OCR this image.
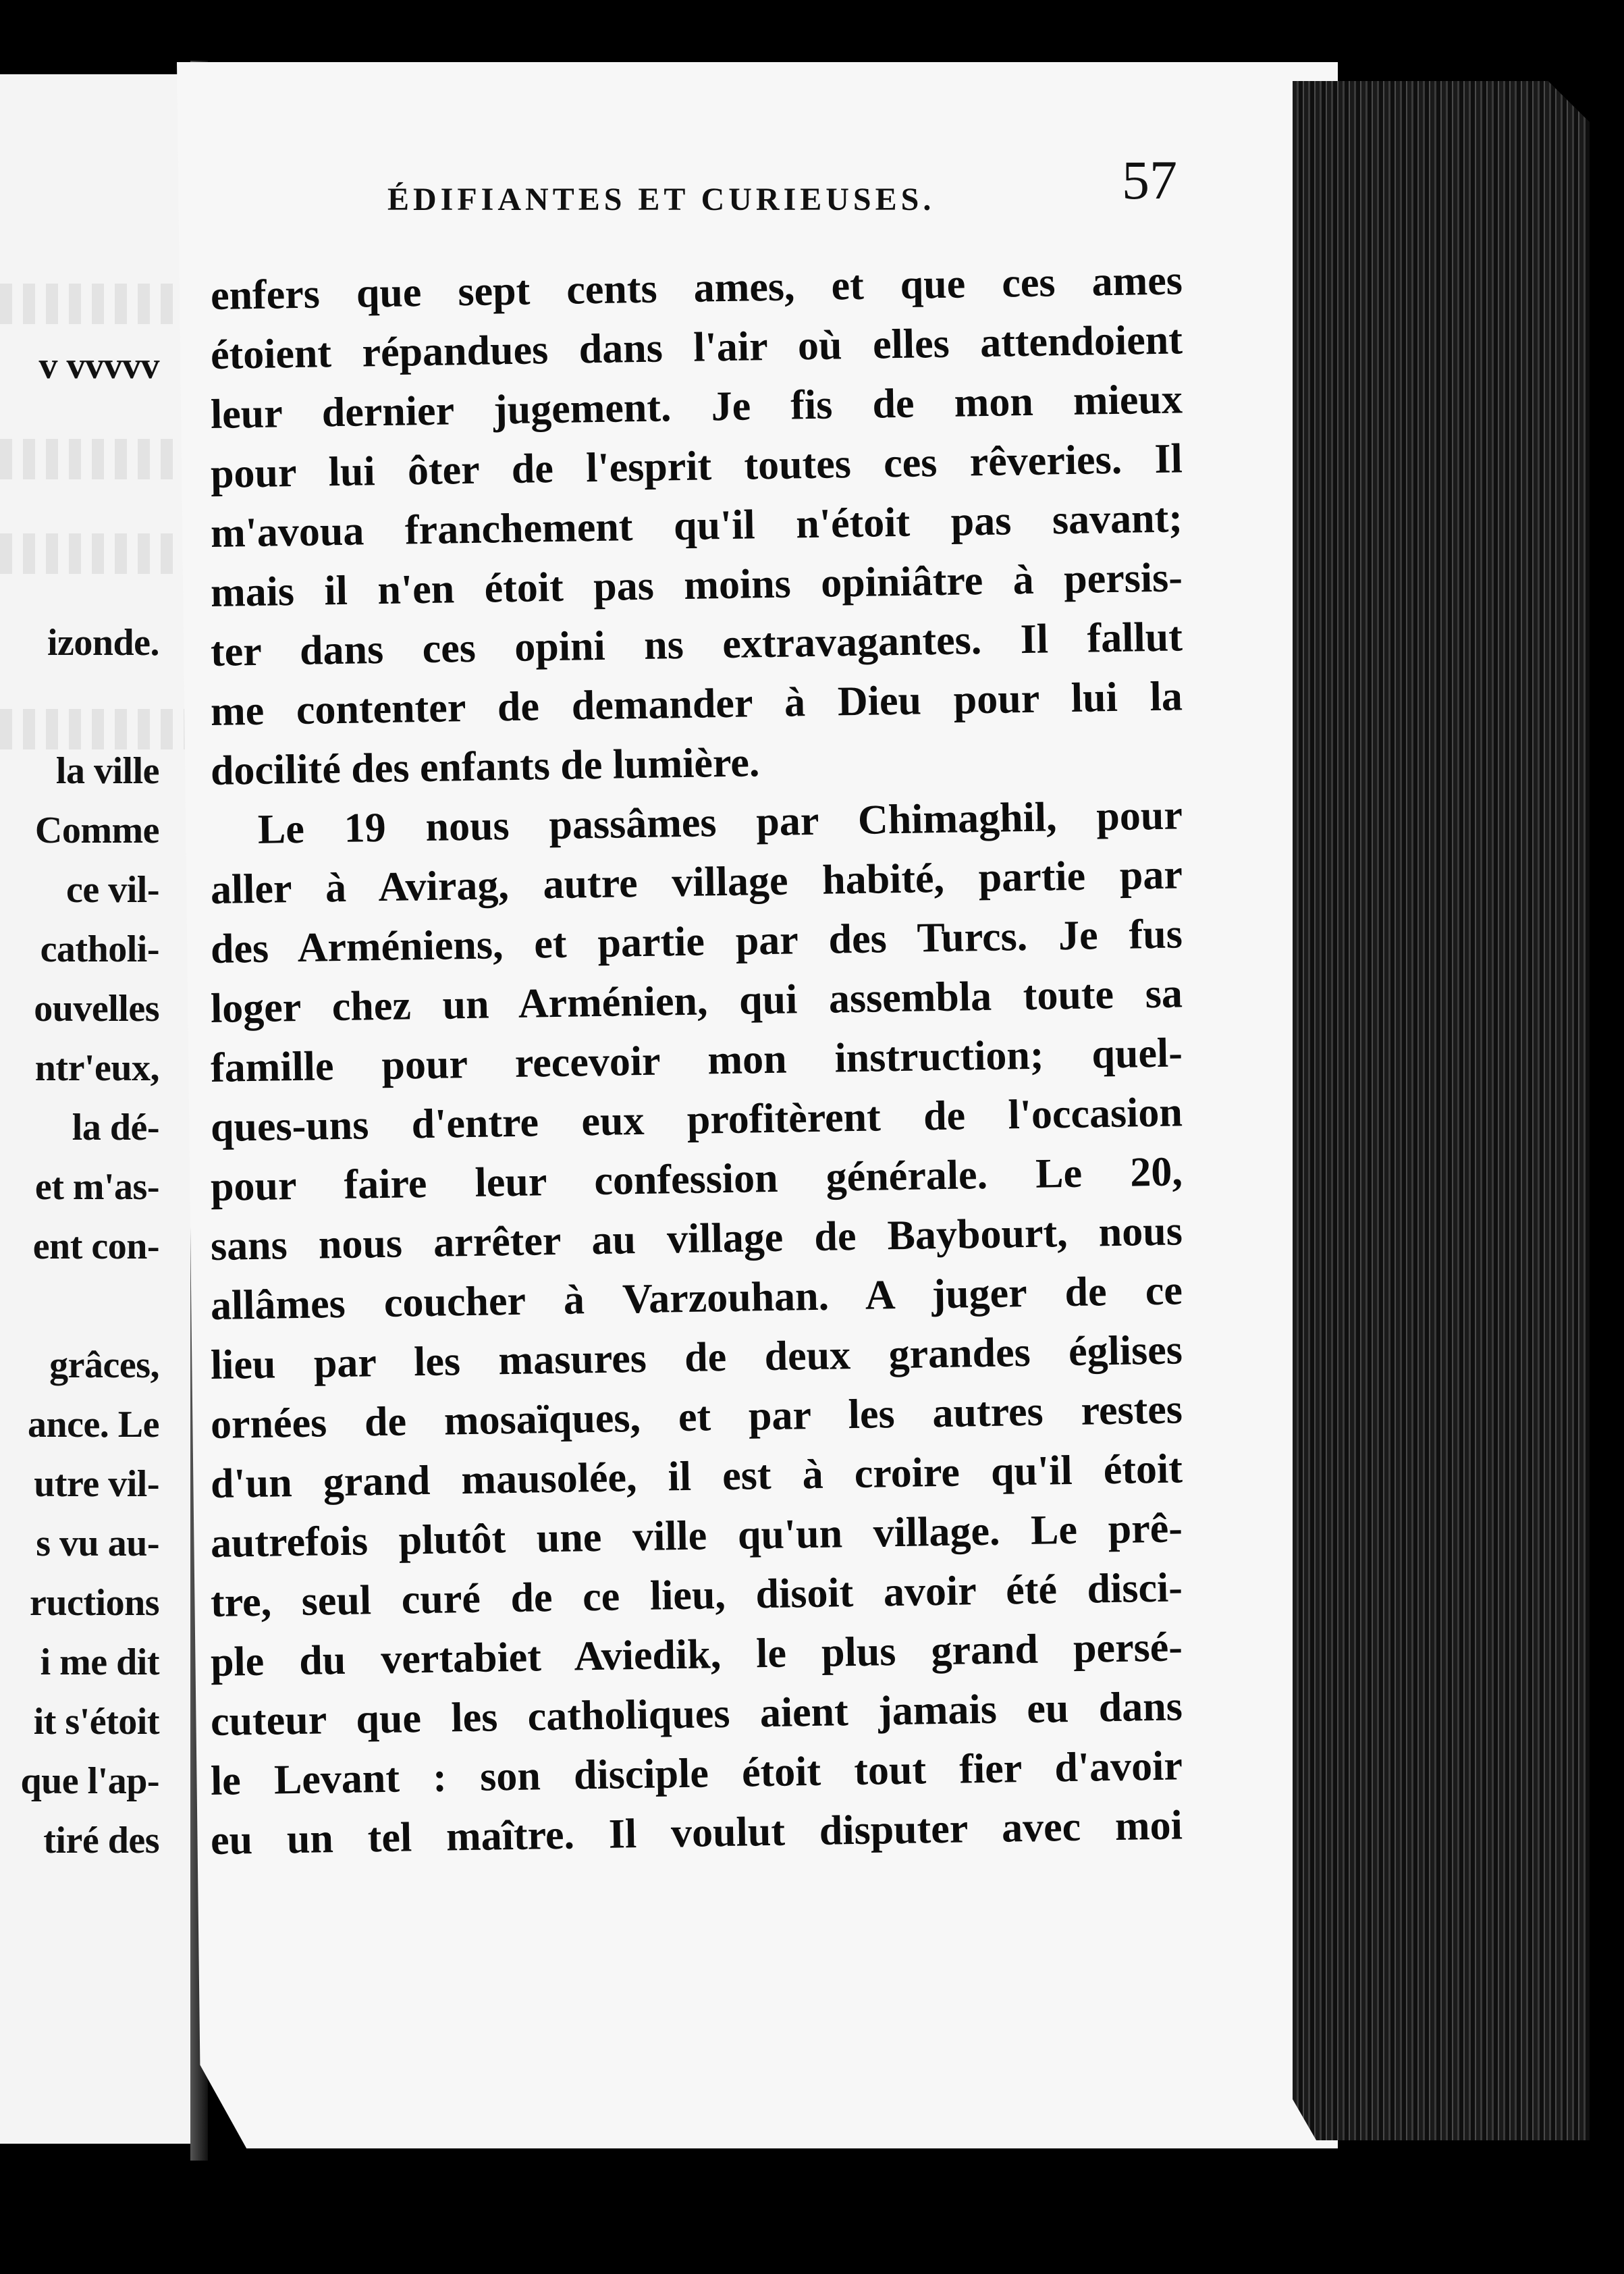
v vvvvv
izonde.
la ville
Comme
ce vil-
catholi-
ouvelles
ntr'eux,
la dé-
et m'as-
ent con-
grâces,
ance. Le
utre vil-
s vu au-
ructions
i me dit
it s'étoit
que l'ap-
tiré des
ÉDIFIANTES ET CURIEUSES.	57
enfers que sept cents ames, et que ces ames
étoient répandues dans l'air où elles attendoient
leur dernier jugement. Je fis de mon mieux
pour lui ôter de l'esprit toutes ces rêveries. Il
m'avoua franchement qu'il n'étoit pas savant;
mais il n'en étoit pas moins opiniâtre à persis-
ter dans ces opini ns extravagantes. Il fallut
me contenter de demander à Dieu pour lui la
docilité des enfants de lumière.
Le 19 nous passâmes par Chimaghil, pour
aller à Avirag, autre village habité, partie par
des Arméniens, et partie par des Turcs. Je fus
loger chez un Arménien, qui assembla toute sa
famille pour recevoir mon instruction; quel-
ques-uns d'entre eux profitèrent de l'occasion
pour faire leur confession générale. Le 20,
sans nous arrêter au village de Baybourt, nous
allâmes coucher à Varzouhan. A juger de ce
lieu par les masures de deux grandes églises
ornées de mosaïques, et par les autres restes
d'un grand mausolée, il est à croire qu'il étoit
autrefois plutôt une ville qu'un village. Le prê-
tre, seul curé de ce lieu, disoit avoir été disci-
ple du vertabiet Aviedik, le plus grand persé-
cuteur que les catholiques aient jamais eu dans
le Levant : son disciple étoit tout fier d'avoir
eu un tel maître. Il voulut disputer avec moi
